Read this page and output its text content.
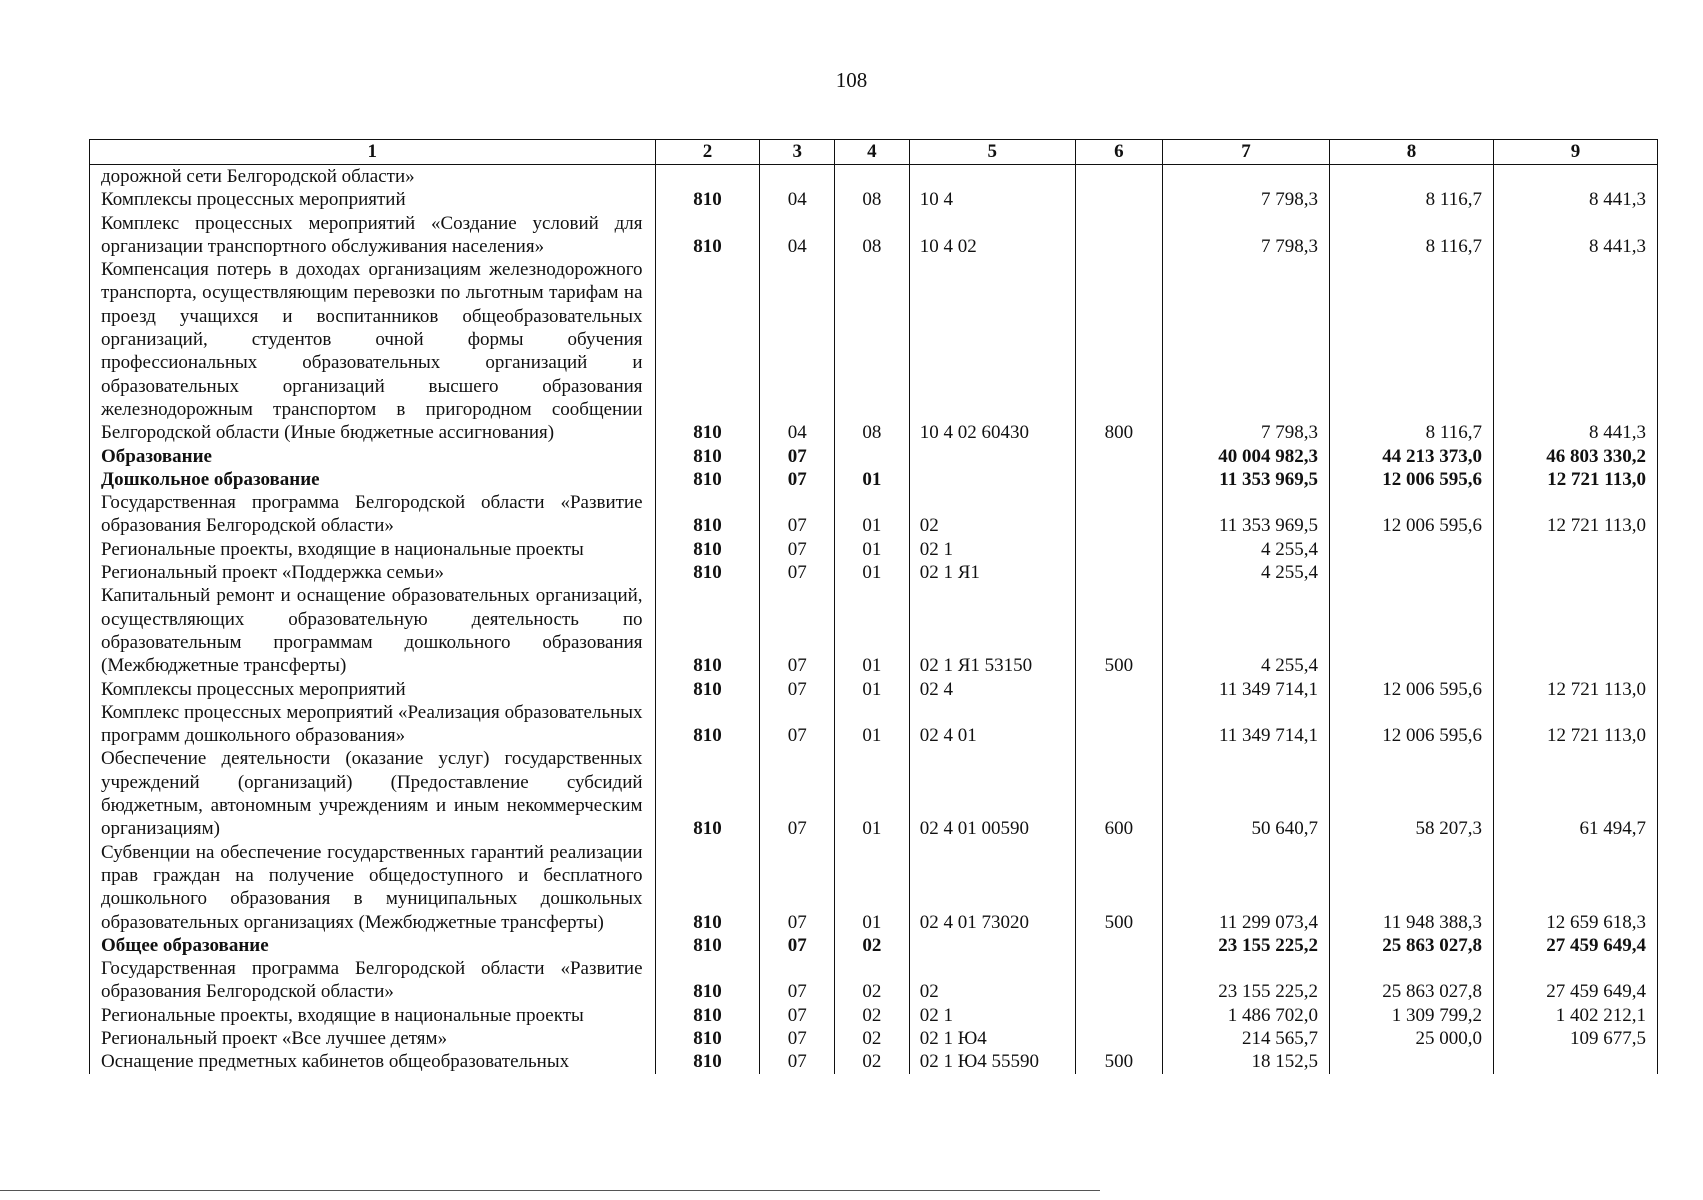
108
1	2	3	4	5	6	7	8	9
дорожной сети Белгородской области»								
Комплексы процессных мероприятий	810	04	08	10 4		7 798,3	8 116,7	8 441,3
Комплекс процессных мероприятий «Создание условий для организации транспортного обслуживания населения»	810	04	08	10 4 02		7 798,3	8 116,7	8 441,3
Компенсация потерь в доходах организациям железнодорожного транспорта, осуществляющим перевозки по льготным тарифам на проезд учащихся и воспитанников общеобразовательных организаций, студентов очной формы обучения профессиональных образовательных организаций и образовательных организаций высшего образования железнодорожным транспортом в пригородном сообщении Белгородской области (Иные бюджетные ассигнования)	810	04	08	10 4 02 60430	800	7 798,3	8 116,7	8 441,3
Образование	810	07				40 004 982,3	44 213 373,0	46 803 330,2
Дошкольное образование	810	07	01			11 353 969,5	12 006 595,6	12 721 113,0
Государственная программа Белгородской области «Развитие образования Белгородской области»	810	07	01	02		11 353 969,5	12 006 595,6	12 721 113,0
Региональные проекты, входящие в национальные проекты	810	07	01	02 1		4 255,4		
Региональный проект «Поддержка семьи»	810	07	01	02 1 Я1		4 255,4		
Капитальный ремонт и оснащение образовательных организаций, осуществляющих образовательную деятельность по образовательным программам дошкольного образования (Межбюджетные трансферты)	810	07	01	02 1 Я1 53150	500	4 255,4		
Комплексы процессных мероприятий	810	07	01	02 4		11 349 714,1	12 006 595,6	12 721 113,0
Комплекс процессных мероприятий «Реализация образовательных программ дошкольного образования»	810	07	01	02 4 01		11 349 714,1	12 006 595,6	12 721 113,0
Обеспечение деятельности (оказание услуг) государственных учреждений (организаций) (Предоставление субсидий бюджетным, автономным учреждениям и иным некоммерческим организациям)	810	07	01	02 4 01 00590	600	50 640,7	58 207,3	61 494,7
Субвенции на обеспечение государственных гарантий реализации прав граждан на получение общедоступного и бесплатного дошкольного образования в муниципальных дошкольных образовательных организациях (Межбюджетные трансферты)	810	07	01	02 4 01 73020	500	11 299 073,4	11 948 388,3	12 659 618,3
Общее образование	810	07	02			23 155 225,2	25 863 027,8	27 459 649,4
Государственная программа Белгородской области «Развитие образования Белгородской области»	810	07	02	02		23 155 225,2	25 863 027,8	27 459 649,4
Региональные проекты, входящие в национальные проекты	810	07	02	02 1		1 486 702,0	1 309 799,2	1 402 212,1
Региональный проект «Все лучшее детям»	810	07	02	02 1 Ю4		214 565,7	25 000,0	109 677,5
Оснащение предметных кабинетов общеобразовательных	810	07	02	02 1 Ю4 55590	500	18 152,5		
